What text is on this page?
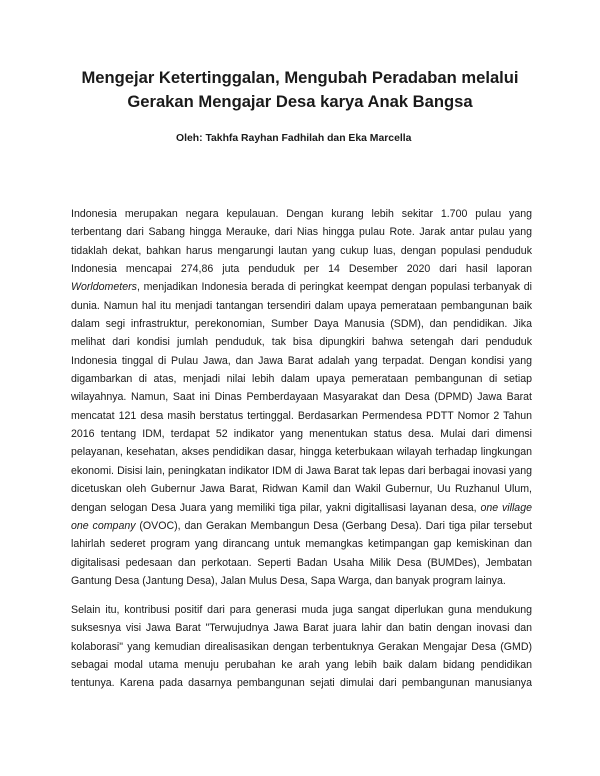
Mengejar Ketertinggalan, Mengubah Peradaban melalui
Gerakan Mengajar Desa karya Anak Bangsa

Oleh: Takhfa Rayhan Fadhilah dan Eka Marcella

Indonesia merupakan negara kepulauan. Dengan kurang lebih sekitar 1.700 pulau yang
terbentang dari Sabang hingga Merauke, dari Nias hingga pulau Rote. Jarak antar pulau yang
tidaklah dekat, bahkan harus mengarungi lautan yang cukup luas, dengan populasi penduduk
Indonesia mencapai 274,86 juta penduduk per 14 Desember 2020 dari hasil laporan
Worldometers, menjadikan Indonesia berada di peringkat keempat dengan populasi terbanyak di
dunia. Namun hal itu menjadi tantangan tersendiri dalam upaya pemerataan pembangunan baik
dalam segi infrastruktur, perekonomian, Sumber Daya Manusia (SDM), dan pendidikan. Jika
melihat dari kondisi jumlah penduduk, tak bisa dipungkiri bahwa setengah dari penduduk
Indonesia tinggal di Pulau Jawa, dan Jawa Barat adalah yang terpadat. Dengan kondisi yang
digambarkan di atas, menjadi nilai lebih dalam upaya pemerataan pembangunan di setiap
wilayahnya. Namun, Saat ini Dinas Pemberdayaan Masyarakat dan Desa (DPMD) Jawa Barat
mencatat 121 desa masih berstatus tertinggal. Berdasarkan Permendesa PDTT Nomor 2 Tahun
2016 tentang IDM, terdapat 52 indikator yang menentukan status desa. Mulai dari dimensi
pelayanan, kesehatan, akses pendidikan dasar, hingga keterbukaan wilayah terhadap lingkungan
ekonomi. Disisi lain, peningkatan indikator IDM di Jawa Barat tak lepas dari berbagai inovasi yang
dicetuskan oleh Gubernur Jawa Barat, Ridwan Kamil dan Wakil Gubernur, Uu Ruzhanul Ulum,
dengan selogan Desa Juara yang memiliki tiga pilar, yakni digitallisasi layanan desa, one village
one company (OVOC), dan Gerakan Membangun Desa (Gerbang Desa). Dari tiga pilar tersebut
lahirlah sederet program yang dirancang untuk memangkas ketimpangan gap kemiskinan dan
digitalisasi pedesaan dan perkotaan. Seperti Badan Usaha Milik Desa (BUMDes), Jembatan
Gantung Desa (Jantung Desa), Jalan Mulus Desa, Sapa Warga, dan banyak program lainya.
Selain itu, kontribusi positif dari para generasi muda juga sangat diperlukan guna mendukung
suksesnya visi Jawa Barat "Terwujudnya Jawa Barat juara lahir dan batin dengan inovasi dan
kolaborasi" yang kemudian direalisasikan dengan terbentuknya Gerakan Mengajar Desa (GMD)
sebagai modal utama menuju perubahan ke arah yang lebih baik dalam bidang pendidikan
tentunya. Karena pada dasarnya pembangunan sejati dimulai dari pembangunan manusianya
